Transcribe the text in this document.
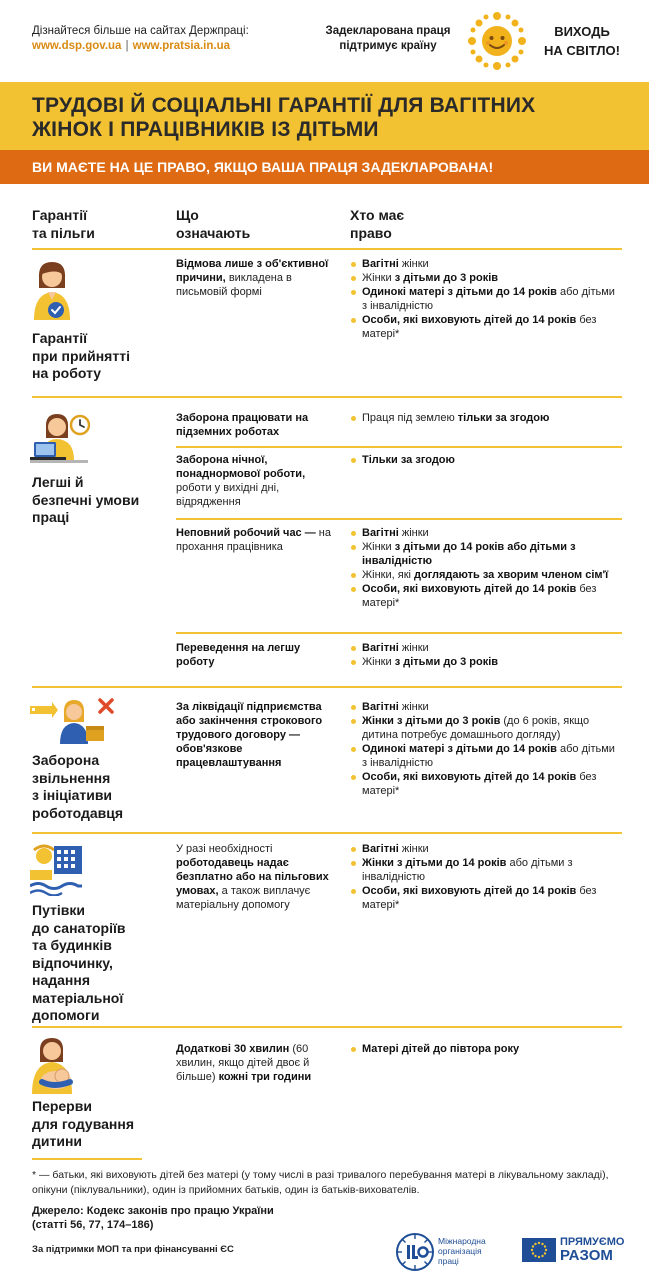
Дізнайтеся більше на сайтах Держпраці:
www.dsp.gov.ua | www.pratsia.in.ua
Задекларована праця
підтримує країну
ВИХОДЬ
НА СВІТЛО!
ТРУДОВІ Й СОЦІАЛЬНІ ГАРАНТІЇ ДЛЯ ВАГІТНИХ
ЖІНОК І ПРАЦІВНИКІВ ІЗ ДІТЬМИ
ВИ МАЄТЕ НА ЦЕ ПРАВО, ЯКЩО ВАША ПРАЦЯ ЗАДЕКЛАРОВАНА!
Гарантії
та пільги
Що
означають
Хто має
право
Гарантії
при прийнятті
на роботу
Відмова лише з об'єктивної причини, викладена в письмовій формі
Вагітні жінки
Жінки з дітьми до 3 років
Одинокі матері з дітьми до 14 років або дітьми з інвалідністю
Особи, які виховують дітей до 14 років без матері*
Легші й
безпечні умови
праці
Заборона працювати на підземних роботах
Праця під землею тільки за згодою
Заборона нічної, понаднормової роботи, роботи у вихідні дні, відрядження
Тільки за згодою
Неповний робочий час — на прохання працівника
Вагітні жінки
Жінки з дітьми до 14 років або дітьми з інвалідністю
Жінки, які доглядають за хворим членом сім'ї
Особи, які виховують дітей до 14 років без матері*
Переведення на легшу роботу
Вагітні жінки
Жінки з дітьми до 3 років
Заборона
звільнення
з ініціативи
роботодавця
За ліквідації підприємства або закінчення строкового трудового договору — обов'язкове працевлаштування
Вагітні жінки
Жінки з дітьми до 3 років (до 6 років, якщо дитина потребує домашнього догляду)
Одинокі матері з дітьми до 14 років або дітьми з інвалідністю
Особи, які виховують дітей до 14 років без матері*
Путівки
до санаторіїв
та будинків
відпочинку,
надання
матеріальної
допомоги
У разі необхідності роботодавець надає безплатно або на пільгових умовах, а також виплачує матеріальну допомогу
Вагітні жінки
Жінки з дітьми до 14 років або дітьми з інвалідністю
Особи, які виховують дітей до 14 років без матері*
Перерви
для годування
дитини
Додаткові 30 хвилин (60 хвилин, якщо дітей двоє й більше) кожні три години
Матері дітей до півтора року
* — батьки, які виховують дітей без матері (у тому числі в разі тривалого перебування матері в лікувальному закладі), опікуни (піклувальники), один із прийомних батьків, один із батьків-вихователів.
Джерело: Кодекс законів про працю України
(статті 56, 77, 174–186)
За підтримки МОП та при фінансуванні ЄС
Міжнародна
організація
праці
ПРЯМУЄМО
РАЗОМ
